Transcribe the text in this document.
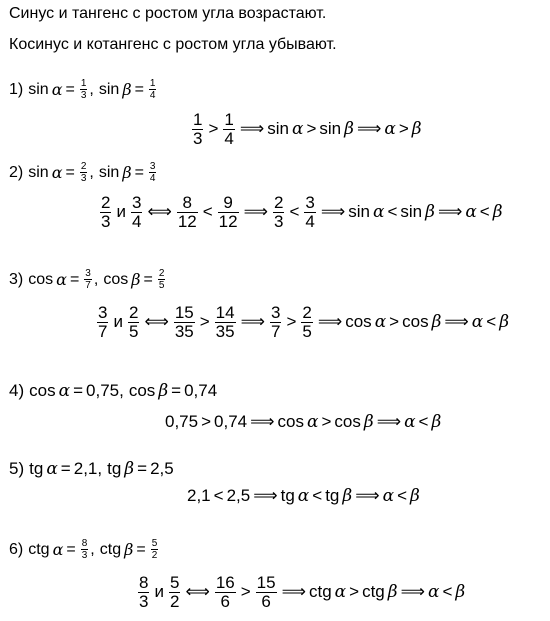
Синус и тангенс с ростом угла возрастают.
Косинус и котангенс с ростом угла убывают.
1) $\sin \alpha = \frac{1}{3}$ , $\sin \beta = \frac{1}{4}$
$\frac{1}{3} > \frac{1}{4}$ ⟹ sin α > sin β ⟹ α > β
2) $\sin \alpha = \frac{2}{3}$ , $\sin \beta = \frac{3}{4}$
$\frac{2}{3}$ и $\frac{3}{4}$ ⟺ $\frac{8}{12} < \frac{9}{12}$ ⟹ $\frac{2}{3} < \frac{3}{4}$ ⟹ sin α < sin β ⟹ α < β
3) $\cos \alpha = \frac{3}{7}$ , $\cos \beta = \frac{2}{5}$
$\frac{3}{7}$ и $\frac{2}{5}$ ⟺ $\frac{15}{35} > \frac{14}{35}$ ⟹ $\frac{3}{7} > \frac{2}{5}$ ⟹ cos α > cos β ⟹ α < β
4) cos α = 0,75 , cos β = 0,74
0,75 > 0,74 ⟹ cos α > cos β ⟹ α < β
5) tg α = 2,1 , tg β = 2,5
2,1 < 2,5 ⟹ tg α < tg β ⟹ α < β
6) ctg $\alpha = \frac{8}{3}$ , ctg $\beta = \frac{5}{2}$
$\frac{8}{3}$ и $\frac{5}{2}$ ⟺ $\frac{16}{6} > \frac{15}{6}$ ⟹ ctg α > ctg β ⟹ α < β
